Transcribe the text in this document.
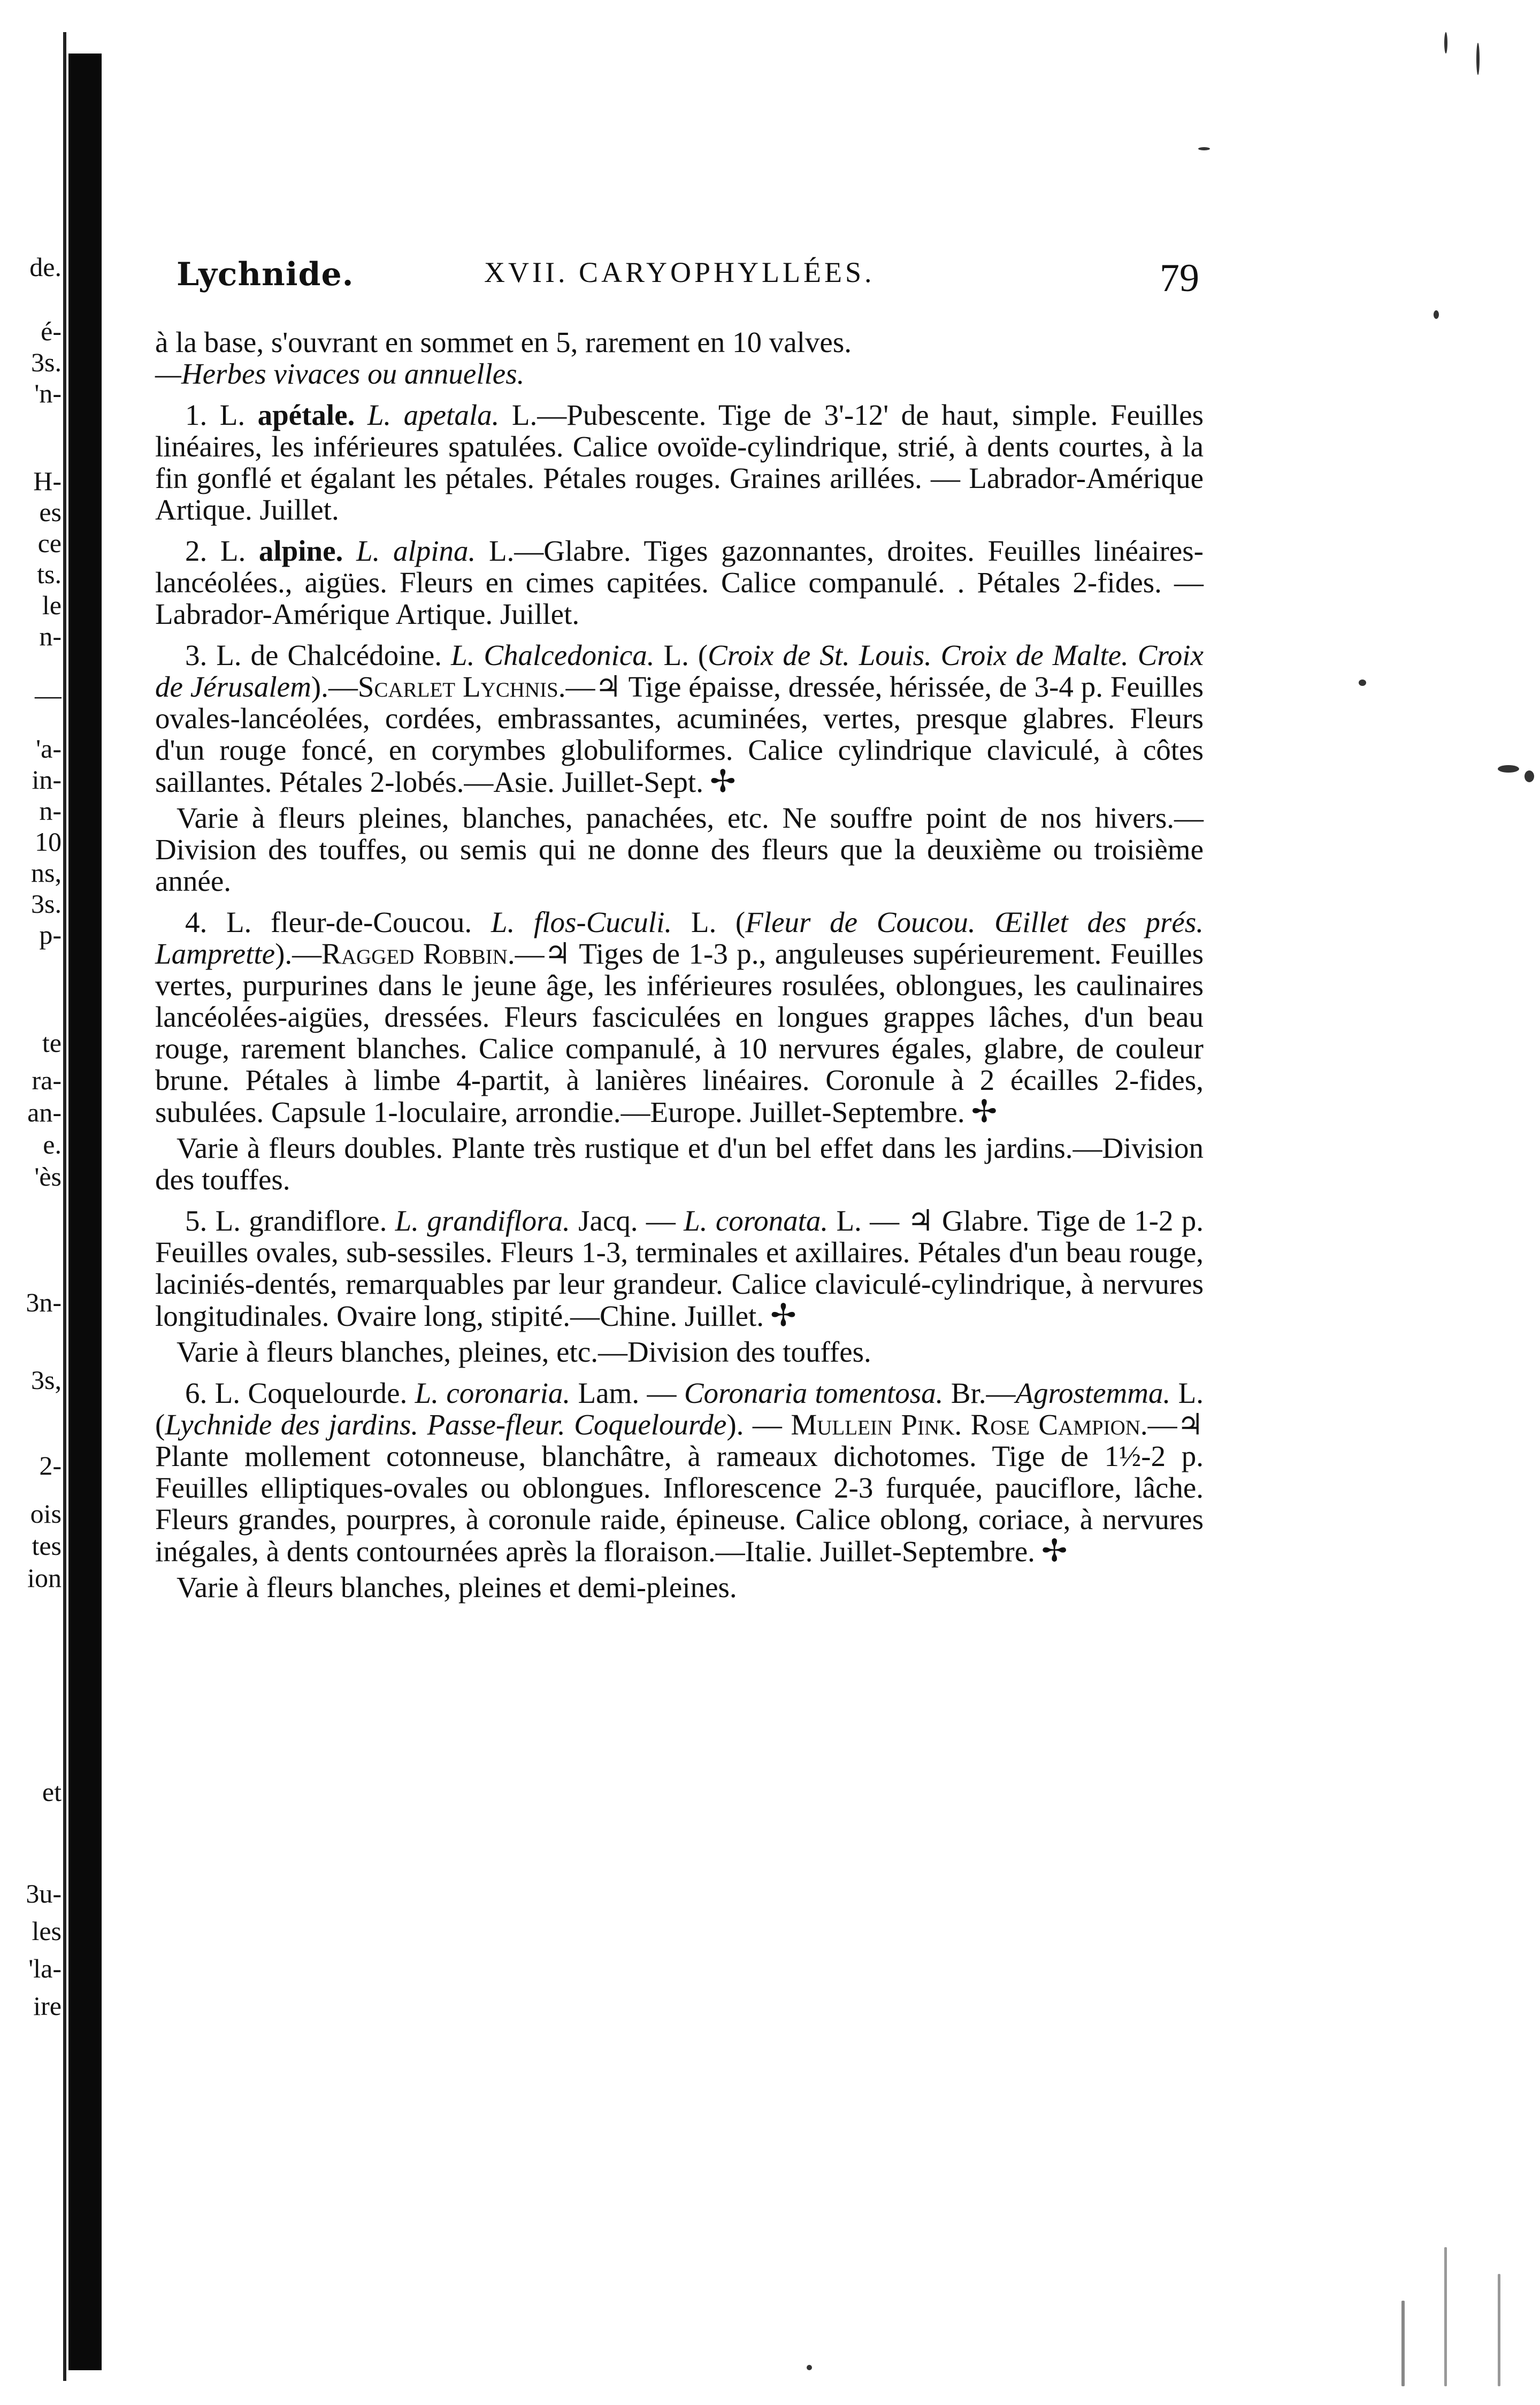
de.
é-
3s.
'n-
H-
es
ce
ts.
le
n-
—
'a-
in-
n-
10
ns,
3s.
p-
te
ra-
an-
e.
'ès
3n-
3s,
2-
ois
tes
ion
et
3u-
les
'la-
ire
Lychnide.	XVII. CARYOPHYLLÉES.	79

à la base, s'ouvrant en sommet en 5, rarement en 10 valves.

—Herbes vivaces ou annuelles.

1. L. apétale. L. apetala. L.—Pubescente. Tige de 3'-12' de haut, simple. Feuilles linéaires, les inférieures spatulées. Calice ovoïde-cylindrique, strié, à dents courtes, à la fin gonflé et égalant les pétales. Pétales rouges. Graines arillées. — Labrador-Amérique Artique. Juillet.

2. L. alpine. L. alpina. L.—Glabre. Tiges gazonnantes, droites. Feuilles linéaires-lancéolées., aigües. Fleurs en cimes capitées. Calice companulé. . Pétales 2-fides. — Labrador-Amérique Artique. Juillet.

3. L. de Chalcédoine. L. Chalcedonica. L. (Croix de St. Louis. Croix de Malte. Croix de Jérusalem).—Scarlet Lychnis.—♃ Tige épaisse, dressée, hérissée, de 3-4 p. Feuilles ovales-lancéolées, cordées, embrassantes, acuminées, vertes, presque glabres. Fleurs d'un rouge foncé, en corymbes globuliformes. Calice cylindrique claviculé, à côtes saillantes. Pétales 2-lobés.—Asie. Juillet-Sept. ✢

Varie à fleurs pleines, blanches, panachées, etc. Ne souffre point de nos hivers.—Division des touffes, ou semis qui ne donne des fleurs que la deuxième ou troisième année.

4. L. fleur-de-Coucou. L. flos-Cuculi. L. (Fleur de Coucou. Œillet des prés. Lamprette).—Ragged Robbin.—♃ Tiges de 1-3 p., anguleuses supérieurement. Feuilles vertes, purpurines dans le jeune âge, les inférieures rosulées, oblongues, les caulinaires lancéolées-aigües, dressées. Fleurs fasciculées en longues grappes lâches, d'un beau rouge, rarement blanches. Calice companulé, à 10 nervures égales, glabre, de couleur brune. Pétales à limbe 4-partit, à lanières linéaires. Coronule à 2 écailles 2-fides, subulées. Capsule 1-loculaire, arrondie.—Europe. Juillet-Septembre. ✢

Varie à fleurs doubles. Plante très rustique et d'un bel effet dans les jardins.—Division des touffes.

5. L. grandiflore. L. grandiflora. Jacq. — L. coronata. L. — ♃ Glabre. Tige de 1-2 p. Feuilles ovales, sub-sessiles. Fleurs 1-3, terminales et axillaires. Pétales d'un beau rouge, laciniés-dentés, remarquables par leur grandeur. Calice claviculé-cylindrique, à nervures longitudinales. Ovaire long, stipité.—Chine. Juillet. ✢

Varie à fleurs blanches, pleines, etc.—Division des touffes.

6. L. Coquelourde. L. coronaria. Lam. — Coronaria tomentosa. Br.—Agrostemma. L. (Lychnide des jardins. Passe-fleur. Coquelourde). — Mullein Pink. Rose Campion.—♃ Plante mollement cotonneuse, blanchâtre, à rameaux dichotomes. Tige de 1½-2 p. Feuilles elliptiques-ovales ou oblongues. Inflorescence 2-3 furquée, pauciflore, lâche. Fleurs grandes, pourpres, à coronule raide, épineuse. Calice oblong, coriace, à nervures inégales, à dents contournées après la floraison.—Italie. Juillet-Septembre. ✢

Varie à fleurs blanches, pleines et demi-pleines.
